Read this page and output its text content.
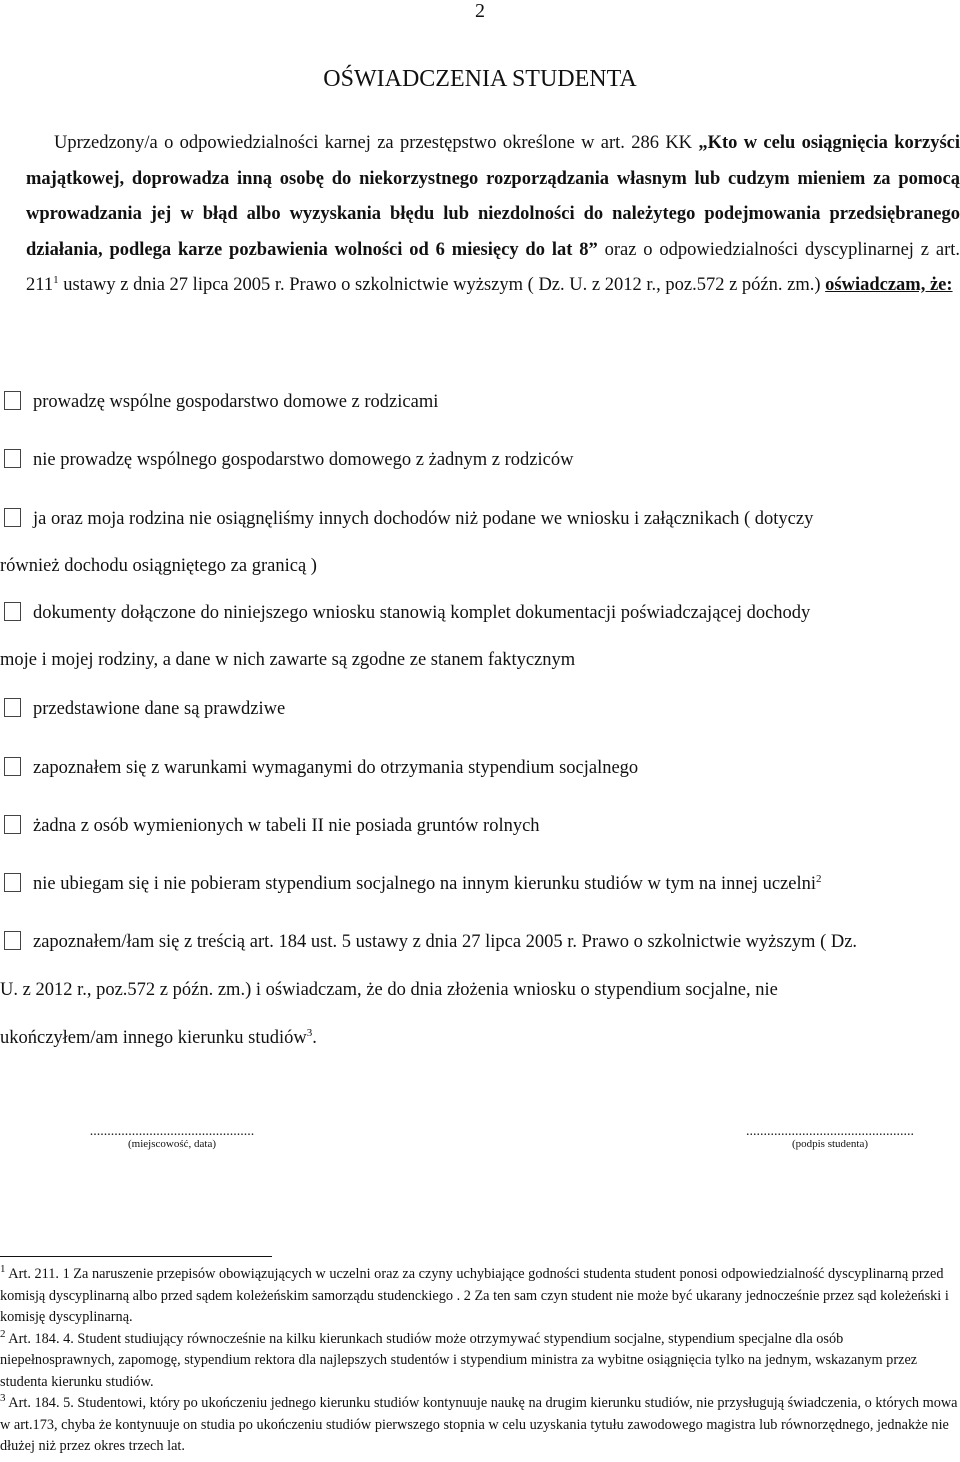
2
OŚWIADCZENIA STUDENTA
Uprzedzony/a o odpowiedzialności karnej za przestępstwo określone w art. 286 KK „Kto w celu osiągnięcia korzyści majątkowej, doprowadza inną osobę do niekorzystnego rozporządzania własnym lub cudzym mieniem za pomocą wprowadzania jej w błąd albo wyzyskania błędu lub niezdolności do należytego podejmowania przedsiębranego działania, podlega karze pozbawienia wolności od 6 miesięcy do lat 8” oraz o odpowiedzialności dyscyplinarnej z art. $211^1$ ustawy z dnia 27 lipca 2005 r. Prawo o szkolnictwie wyższym ( Dz. U. z 2012 r., poz.572 z późn. zm.) oświadczam, że:
prowadzę wspólne gospodarstwo domowe z rodzicami
nie prowadzę wspólnego gospodarstwo domowego z żadnym z rodziców
ja oraz moja rodzina nie osiągnęliśmy innych dochodów niż podane we wniosku i załącznikach ( dotyczy
również dochodu osiągniętego za granicą )
dokumenty dołączone do niniejszego wniosku stanowią komplet dokumentacji poświadczającej dochody
moje i mojej rodziny, a dane w nich zawarte są zgodne ze stanem faktycznym
przedstawione dane są prawdziwe
zapoznałem się z warunkami wymaganymi do otrzymania stypendium socjalnego
żadna z osób wymienionych w tabeli II nie posiada gruntów rolnych
nie ubiegam się i nie pobieram stypendium socjalnego na innym kierunku studiów w tym na innej uczelni$^2$
zapoznałem/łam się z treścią art. 184 ust. 5 ustawy z dnia 27 lipca 2005 r. Prawo o szkolnictwie wyższym ( Dz.
U. z 2012 r., poz.572 z późn. zm.) i oświadczam, że do dnia złożenia wniosku o stypendium socjalne, nie
ukończyłem/am innego kierunku studiów$^3$.
...............................................
(miejscowość, data)
................................................
(podpis studenta)

$^1$ Art. 211. 1 Za naruszenie przepisów obowiązujących w uczelni oraz za czyny uchybiające godności studenta student ponosi odpowiedzialność dyscyplinarną przed komisją dyscyplinarną albo przed sądem koleżeńskim samorządu studenckiego . 2 Za ten sam czyn student nie może być ukarany jednocześnie przez sąd koleżeński i komisję dyscyplinarną.

$^2$ Art. 184. 4. Student studiujący równocześnie na kilku kierunkach studiów może otrzymywać stypendium socjalne, stypendium specjalne dla osób niepełnosprawnych, zapomogę, stypendium rektora dla najlepszych studentów i stypendium ministra za wybitne osiągnięcia tylko na jednym, wskazanym przez studenta kierunku studiów.

$^3$ Art. 184. 5. Studentowi, który po ukończeniu jednego kierunku studiów kontynuuje naukę na drugim kierunku studiów, nie przysługują świadczenia, o których mowa w art.173, chyba że kontynuuje on studia po ukończeniu studiów pierwszego stopnia w celu uzyskania tytułu zawodowego magistra lub równorzędnego, jednakże nie dłużej niż przez okres trzech lat.
